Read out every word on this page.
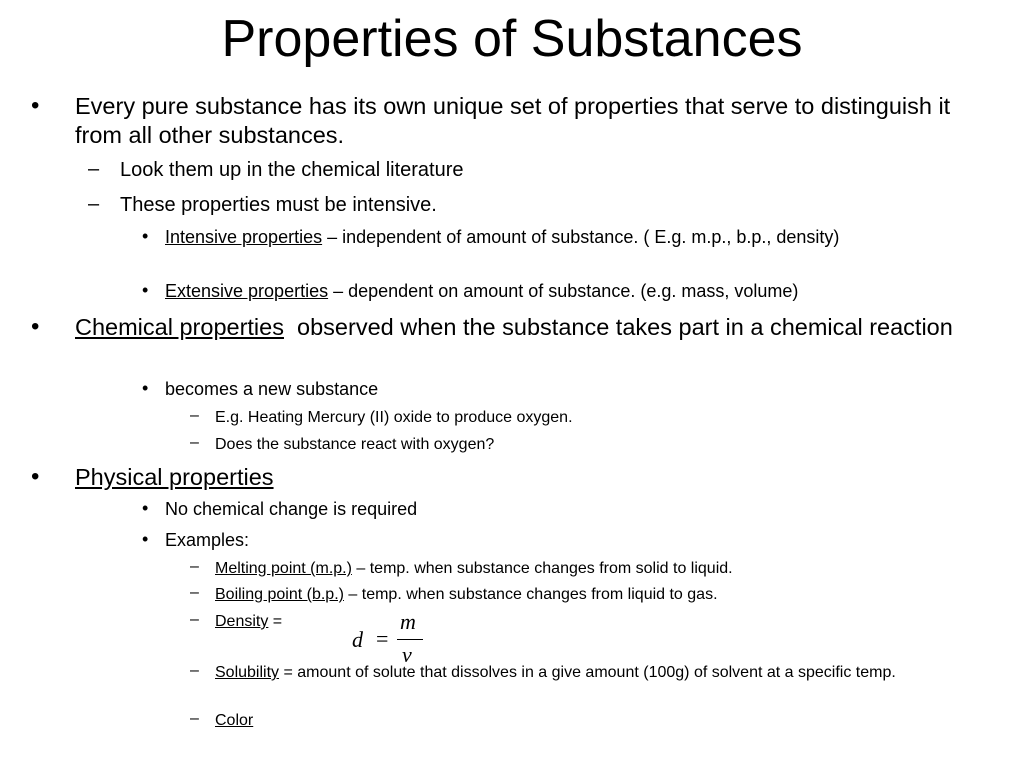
Properties of Substances
• Every pure substance has its own unique set of properties that serve to distinguish it from all other substances.
– Look them up in the chemical literature
– These properties must be intensive.
• Intensive properties – independent of amount of substance. ( E.g. m.p., b.p., density)
• Extensive properties – dependent on amount of substance. (e.g. mass, volume)
• Chemical properties  observed when the substance takes part in a chemical reaction
• becomes a new substance
– E.g. Heating Mercury (II) oxide to produce oxygen.
– Does the substance react with oxygen?
• Physical properties
• No chemical change is required
• Examples:
– Melting point (m.p.) – temp. when substance changes from solid to liquid.
– Boiling point (b.p.) – temp. when substance changes from liquid to gas.
– Density =
d =
m
v
– Solubility = amount of solute that dissolves in a give amount (100g) of solvent at a specific temp.
– Color
